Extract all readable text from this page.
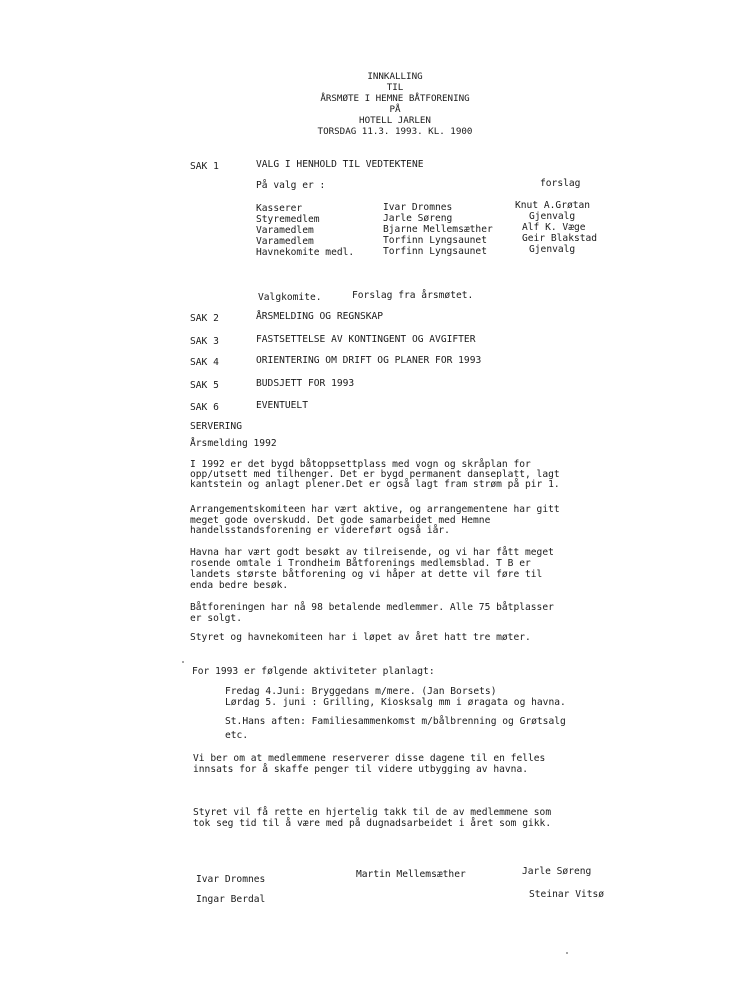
INNKALLING

TIL

ÅRSMØTE I HEMNE BÅTFORENING

PÅ

HOTELL JARLEN

TORSDAG 11.3. 1993. KL. 1900

SAK 1	VALG I HENHOLD TIL VEDTEKTENE

På valg er :	forslag

Kasserer	Ivar Dromnes	Knut A.Grøtan

Styremedlem	Jarle Søreng	Gjenvalg

Varamedlem	Bjarne Mellemsæther	Alf K. Væge

Varamedlem	Torfinn Lyngsaunet	Geir Blakstad

Havnekomite medl.	Torfinn Lyngsaunet	Gjenvalg

Valgkomite.	Forslag fra årsmøtet.

SAK 2	ÅRSMELDING OG REGNSKAP

SAK 3	FASTSETTELSE AV KONTINGENT OG AVGIFTER

SAK 4	ORIENTERING OM DRIFT OG PLANER FOR 1993

SAK 5	BUDSJETT FOR 1993

SAK 6	EVENTUELT

SERVERING

Årsmelding 1992

I 1992 er det bygd båtoppsettplass med vogn og skråplan for

opp/utsett med tilhenger. Det er bygd permanent danseplatt, lagt

kantstein og anlagt plener.Det er også lagt fram strøm på pir 1.

Arrangementskomiteen har vært aktive, og arrangementene har gitt

meget gode overskudd. Det gode samarbeidet med Hemne

handelsstandsforening er videreført også iår.

Havna har vært godt besøkt av tilreisende, og vi har fått meget

rosende omtale i Trondheim Båtforenings medlemsblad. T B er

landets største båtforening og vi håper at dette vil føre til

enda bedre besøk.

Båtforeningen har nå 98 betalende medlemmer. Alle 75 båtplasser

er solgt.

Styret og havnekomiteen har i løpet av året hatt tre møter.

For 1993 er følgende aktiviteter planlagt:

Fredag 4.Juni: Bryggedans m/mere. (Jan Borsets)

Lørdag 5. juni : Grilling, Kiosksalg mm i øragata og havna.

St.Hans aften: Familiesammenkomst m/bålbrenning og Grøtsalg

etc.

Vi ber om at medlemmene reserverer disse dagene til en felles

innsats for å skaffe penger til videre utbygging av havna.

Styret vil få rette en hjertelig takk til de av medlemmene som

tok seg tid til å være med på dugnadsarbeidet i året som gikk.

Ivar Dromnes	Martin Mellemsæther	Jarle Søreng

Ingar Berdal	Steinar Vitsø
